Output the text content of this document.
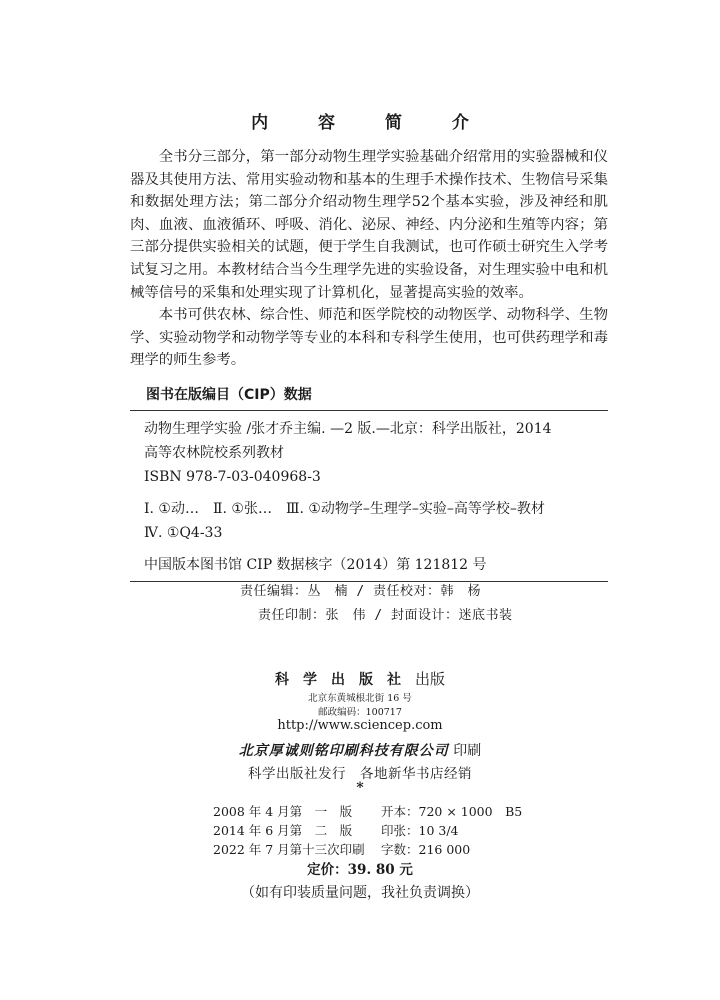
内 容 简 介

全书分三部分，第一部分动物生理学实验基础介绍常用的实验器械和仪器及其使用方法、常用实验动物和基本的生理手术操作技术、生物信号采集和数据处理方法；第二部分介绍动物生理学52个基本实验，涉及神经和肌肉、血液、血液循环、呼吸、消化、泌尿、神经、内分泌和生殖等内容；第三部分提供实验相关的试题，便于学生自我测试，也可作硕士研究生入学考试复习之用。本教材结合当今生理学先进的实验设备，对生理实验中电和机械等信号的采集和处理实现了计算机化，显著提高实验的效率。

本书可供农林、综合性、师范和医学院校的动物医学、动物科学、生物学、实验动物学和动物学等专业的本科和专科学生使用，也可供药理学和毒理学的师生参考。

图书在版编目（CIP）数据
动物生理学实验 /张才乔主编. —2 版.—北京：科学出版社，2014
高等农林院校系列教材
ISBN 978-7-03-040968-3
Ⅰ. ①动…　Ⅱ. ①张…　Ⅲ. ①动物学–生理学–实验–高等学校–教材
Ⅳ. ①Q4-33
中国版本图书馆 CIP 数据核字（2014）第 121812 号
责任编辑：丛　楠 / 责任校对：韩　杨
责任印制：张　伟 / 封面设计：迷底书装
科学出版社出版
北京东黄城根北街 16 号
邮政编码：100717
http://www.sciencep.com
北京厚诚则铭印刷科技有限公司 印刷
科学出版社发行　各地新华书店经销
*
2008 年 4 月第　一　版	开本：720 × 1000　B5
2014 年 6 月第　二　版	印张：10 3/4
2022 年 7 月第十三次印刷	字数：216 000
定价：39. 80 元
（如有印装质量问题，我社负责调换）
